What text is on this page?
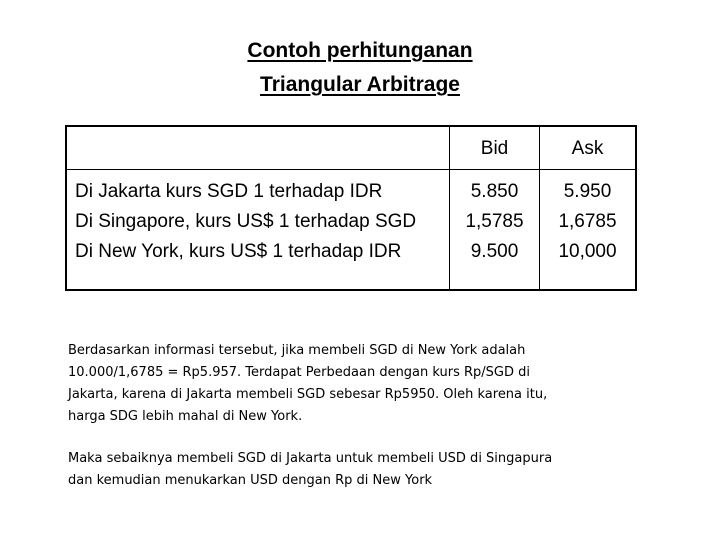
Contoh perhitunganan
Triangular Arbitrage
Bid	Ask
Di Jakarta kurs SGD 1 terhadap IDR
Di Singapore, kurs US$ 1 terhadap SGD
Di New York, kurs US$ 1 terhadap IDR
5.850
1,5785
9.500
5.950
1,6785
10,000
Berdasarkan informasi tersebut, jika membeli SGD di New York adalah
10.000/1,6785 = Rp5.957. Terdapat Perbedaan dengan kurs Rp/SGD di
Jakarta, karena di Jakarta membeli SGD sebesar Rp5950. Oleh karena itu,
harga SDG lebih mahal di New York.
Maka sebaiknya membeli SGD di Jakarta untuk membeli USD di Singapura
dan kemudian menukarkan USD dengan Rp di New York
